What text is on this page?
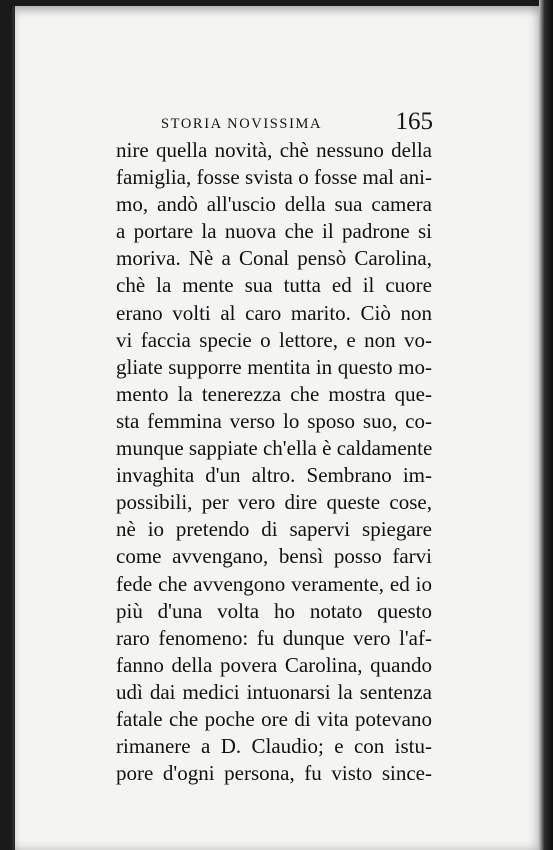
STORIA NOVISSIMA	165
nire quella novità, chè nessuno della
famiglia, fosse svista o fosse mal ani-
mo, andò all'uscio della sua camera
a portare la nuova che il padrone si
moriva. Nè a Conal pensò Carolina,
chè la mente sua tutta ed il cuore
erano volti al caro marito. Ciò non
vi faccia specie o lettore, e non vo-
gliate supporre mentita in questo mo-
mento la tenerezza che mostra que-
sta femmina verso lo sposo suo, co-
munque sappiate ch'ella è caldamente
invaghita d'un altro. Sembrano im-
possibili, per vero dire queste cose,
nè io pretendo di sapervi spiegare
come avvengano, bensì posso farvi
fede che avvengono veramente, ed io
più d'una volta ho notato questo
raro fenomeno: fu dunque vero l'af-
fanno della povera Carolina, quando
udì dai medici intuonarsi la sentenza
fatale che poche ore di vita potevano
rimanere a D. Claudio; e con istu-
pore d'ogni persona, fu visto since-
